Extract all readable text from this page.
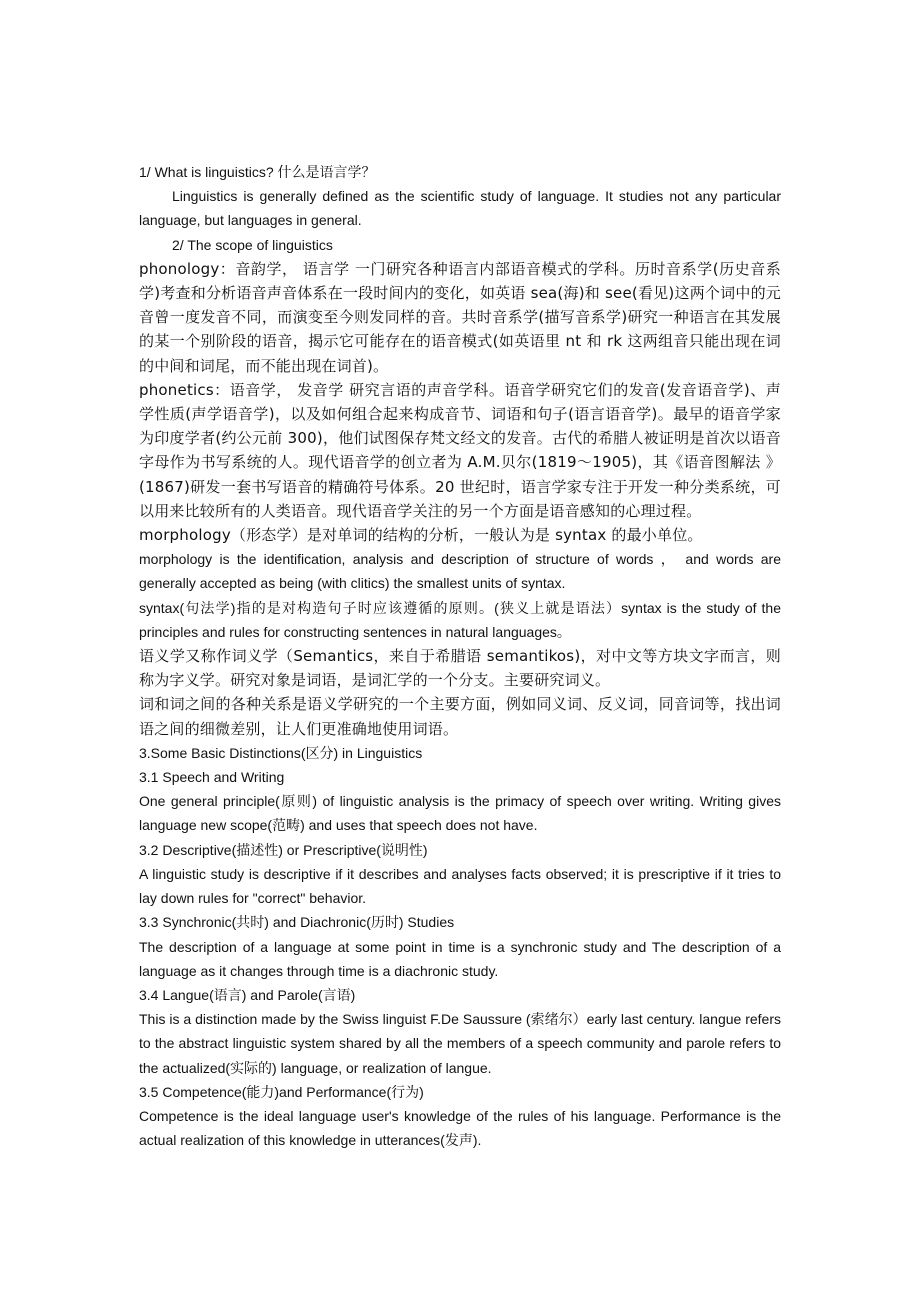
1/ What is linguistics? 什么是语言学？

Linguistics is generally defined as the scientific study of language. It studies not any particular language, but languages in general.

2/ The scope of linguistics

phonology：音韵学， 语言学 一门研究各种语言内部语音模式的学科。历时音系学(历史音系学)考查和分析语音声音体系在一段时间内的变化，如英语 sea(海)和 see(看见)这两个词中的元音曾一度发音不同，而演变至今则发同样的音。共时音系学(描写音系学)研究一种语言在其发展的某一个别阶段的语音，揭示它可能存在的语音模式(如英语里 nt 和 rk 这两组音只能出现在词的中间和词尾，而不能出现在词首)。

phonetics：语音学， 发音学 研究言语的声音学科。语音学研究它们的发音(发音语音学)、声学性质(声学语音学)，以及如何组合起来构成音节、词语和句子(语言语音学)。最早的语音学家为印度学者(约公元前 300)，他们试图保存梵文经文的发音。古代的希腊人被证明是首次以语音字母作为书写系统的人。现代语音学的创立者为 A.M.贝尔(1819～1905)，其《语音图解法 》(1867)研发一套书写语音的精确符号体系。20 世纪时，语言学家专注于开发一种分类系统，可以用来比较所有的人类语音。现代语音学关注的另一个方面是语音感知的心理过程。

morphology（形态学）是对单词的结构的分析，一般认为是 syntax 的最小单位。

morphology is the identification, analysis and description of structure of words ， and words are generally accepted as being (with clitics) the smallest units of syntax.

syntax(句法学)指的是对构造句子时应该遵循的原则。(狭义上就是语法）syntax is the study of the principles and rules for constructing sentences in natural languages。

语义学又称作词义学（Semantics，来自于希腊语 semantikos)，对中文等方块文字而言，则称为字义学。研究对象是词语，是词汇学的一个分支。主要研究词义。

词和词之间的各种关系是语义学研究的一个主要方面，例如同义词、反义词，同音词等，找出词语之间的细微差别，让人们更准确地使用词语。

3.Some Basic Distinctions(区分) in Linguistics

3.1 Speech and Writing

One general principle(原则) of linguistic analysis is the primacy of speech over writing. Writing gives language new scope(范畴) and uses that speech does not have.

3.2 Descriptive(描述性) or Prescriptive(说明性)

A linguistic study is descriptive if it describes and analyses facts observed; it is prescriptive if it tries to lay down rules for "correct" behavior.

3.3 Synchronic(共时) and Diachronic(历时) Studies

The description of a language at some point in time is a synchronic study and The description of a language as it changes through time is a diachronic study.

3.4 Langue(语言) and Parole(言语)

This is a distinction made by the Swiss linguist F.De Saussure (索绪尔）early last century. langue refers to the abstract linguistic system shared by all the members of a speech community and parole refers to the actualized(实际的) language, or realization of langue.

3.5 Competence(能力)and Performance(行为)

Competence is the ideal language user's knowledge of the rules of his language. Performance is the actual realization of this knowledge in utterances(发声).
